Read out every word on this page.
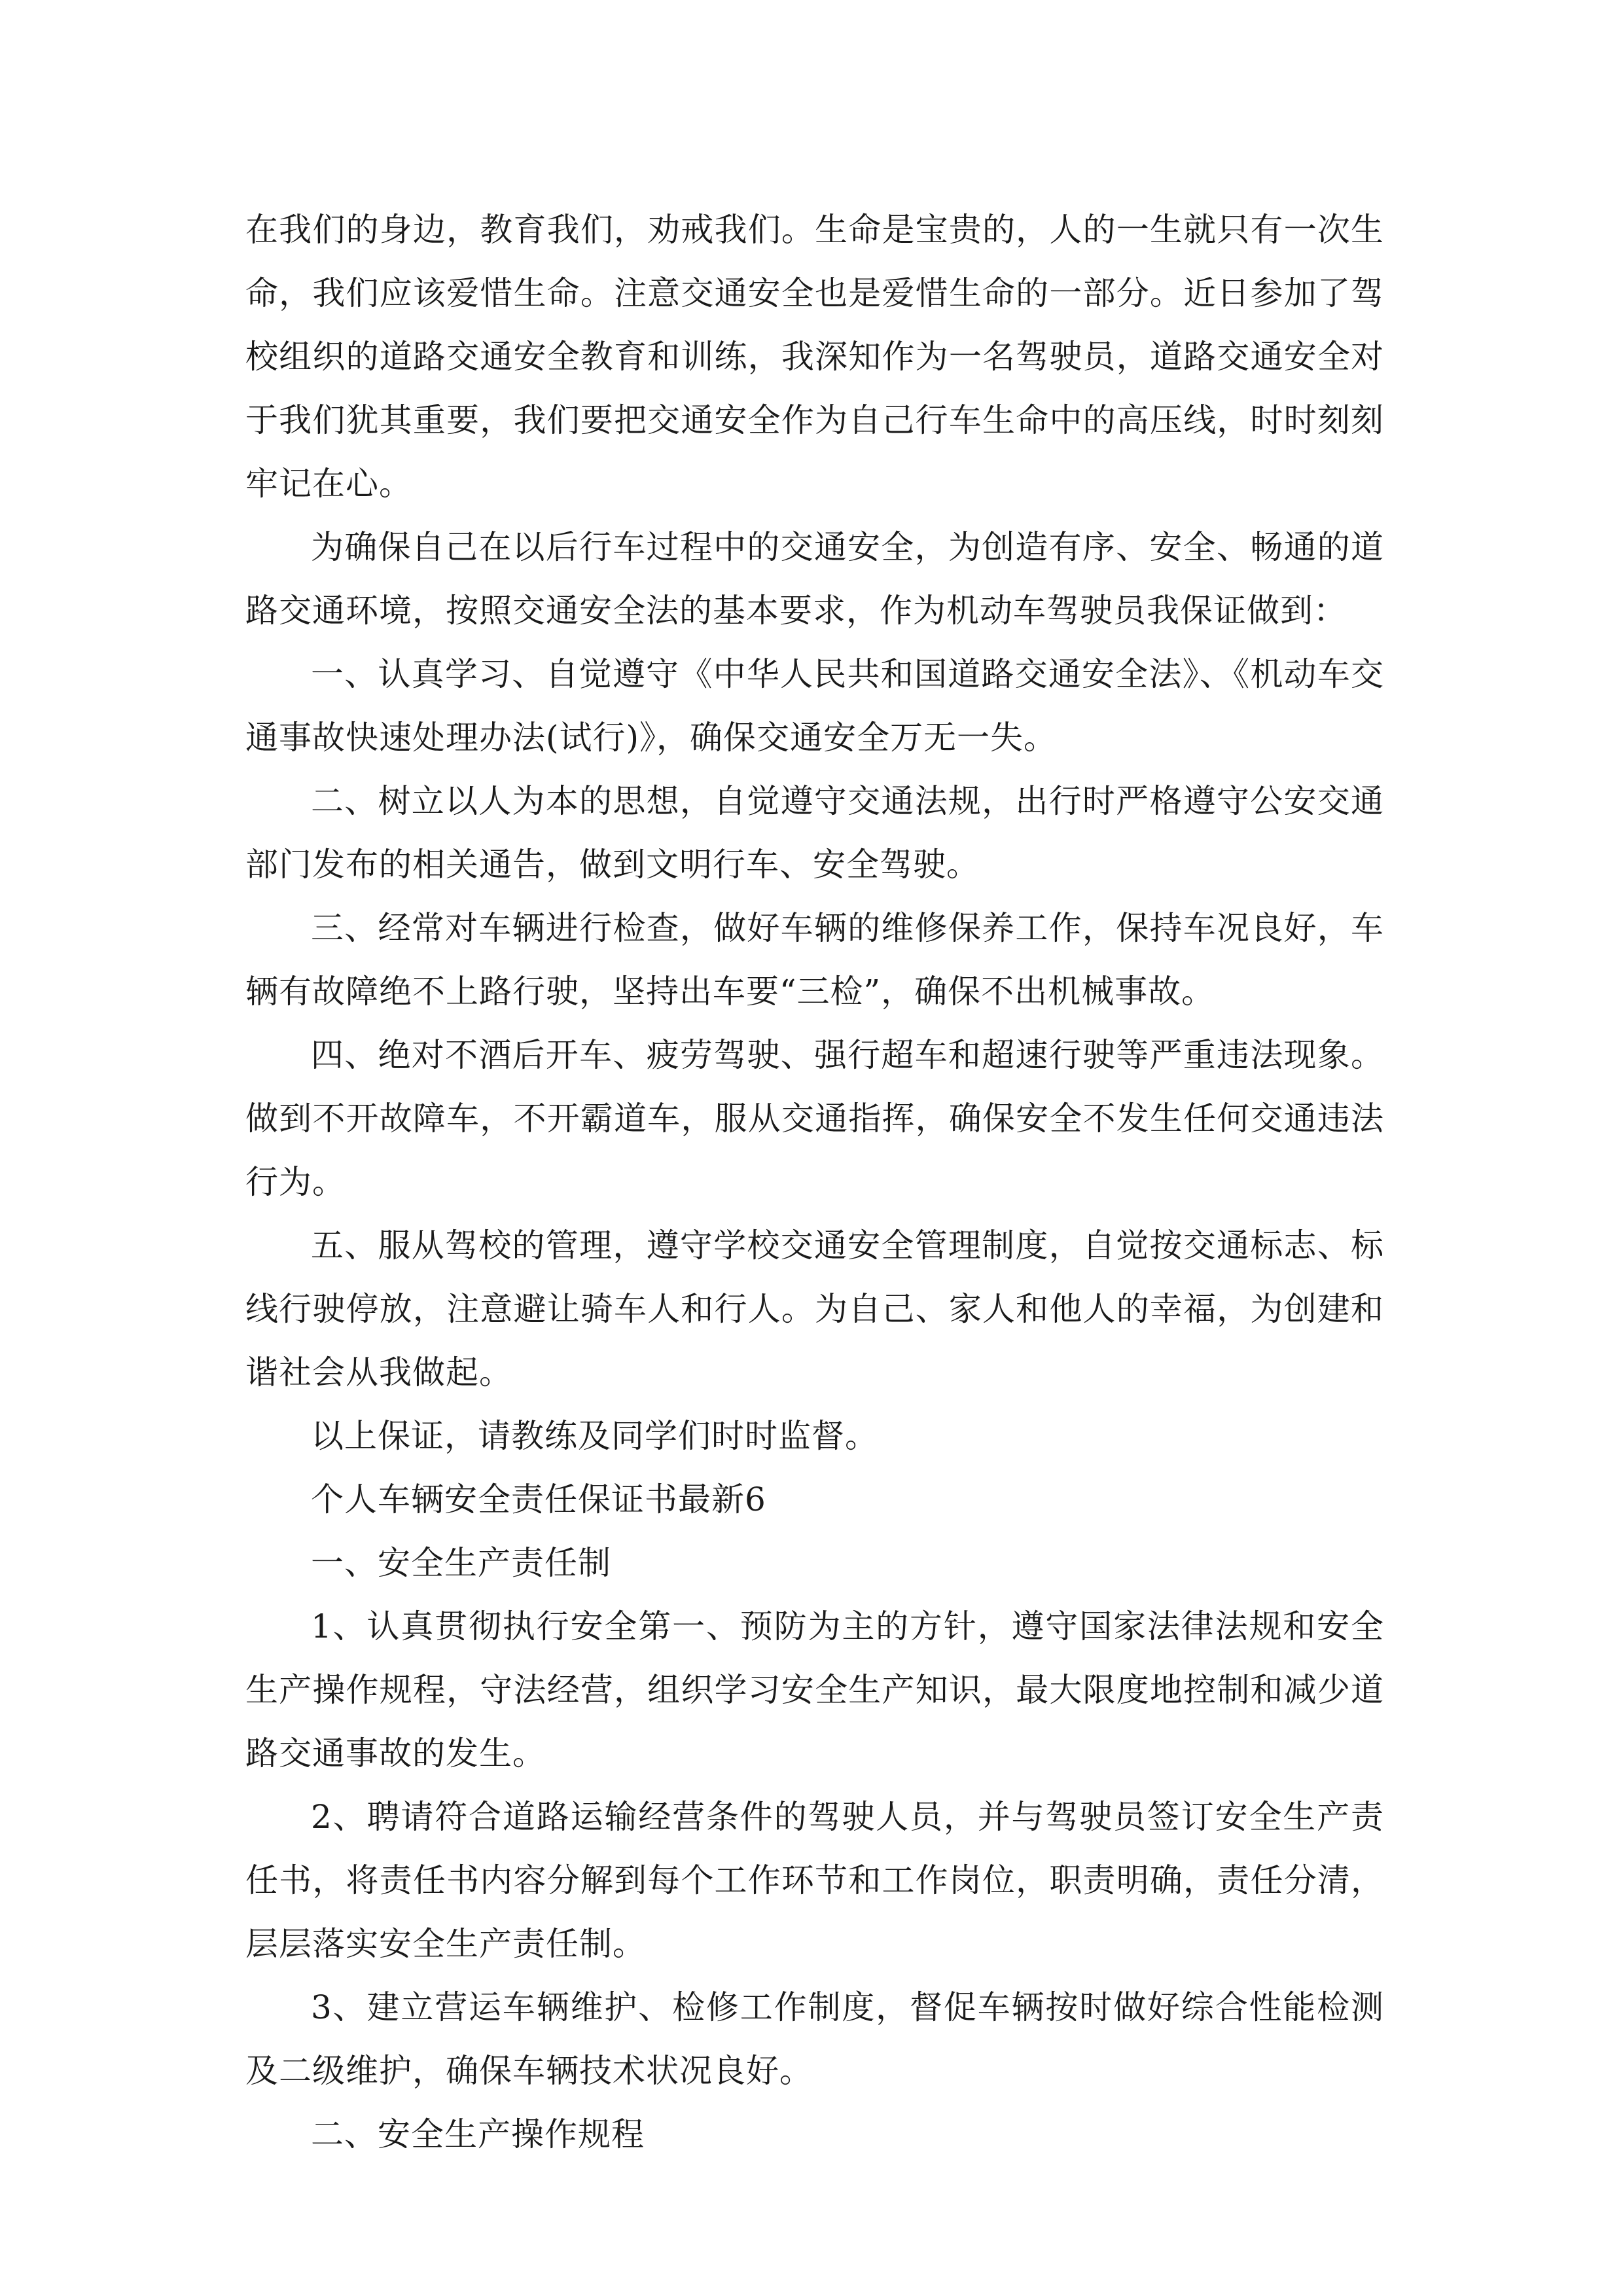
在我们的身边，教育我们，劝戒我们。生命是宝贵的，人的一生就只有一次生命，我们应该爱惜生命。注意交通安全也是爱惜生命的一部分。近日参加了驾校组织的道路交通安全教育和训练，我深知作为一名驾驶员，道路交通安全对于我们犹其重要，我们要把交通安全作为自己行车生命中的高压线，时时刻刻牢记在心。

为确保自己在以后行车过程中的交通安全，为创造有序、安全、畅通的道路交通环境，按照交通安全法的基本要求，作为机动车驾驶员我保证做到：

一、认真学习、自觉遵守《中华人民共和国道路交通安全法》、《机动车交通事故快速处理办法(试行)》，确保交通安全万无一失。

二、树立以人为本的思想，自觉遵守交通法规，出行时严格遵守公安交通部门发布的相关通告，做到文明行车、安全驾驶。

三、经常对车辆进行检查，做好车辆的维修保养工作，保持车况良好，车辆有故障绝不上路行驶，坚持出车要“三检”，确保不出机械事故。

四、绝对不酒后开车、疲劳驾驶、强行超车和超速行驶等严重违法现象。做到不开故障车，不开霸道车，服从交通指挥，确保安全不发生任何交通违法行为。

五、服从驾校的管理，遵守学校交通安全管理制度，自觉按交通标志、标线行驶停放，注意避让骑车人和行人。为自己、家人和他人的幸福，为创建和谐社会从我做起。

以上保证，请教练及同学们时时监督。

个人车辆安全责任保证书最新6

一、安全生产责任制

1、认真贯彻执行安全第一、预防为主的方针，遵守国家法律法规和安全生产操作规程，守法经营，组织学习安全生产知识，最大限度地控制和减少道路交通事故的发生。

2、聘请符合道路运输经营条件的驾驶人员，并与驾驶员签订安全生产责任书，将责任书内容分解到每个工作环节和工作岗位，职责明确，责任分清，层层落实安全生产责任制。

3、建立营运车辆维护、检修工作制度，督促车辆按时做好综合性能检测及二级维护，确保车辆技术状况良好。

二、安全生产操作规程
